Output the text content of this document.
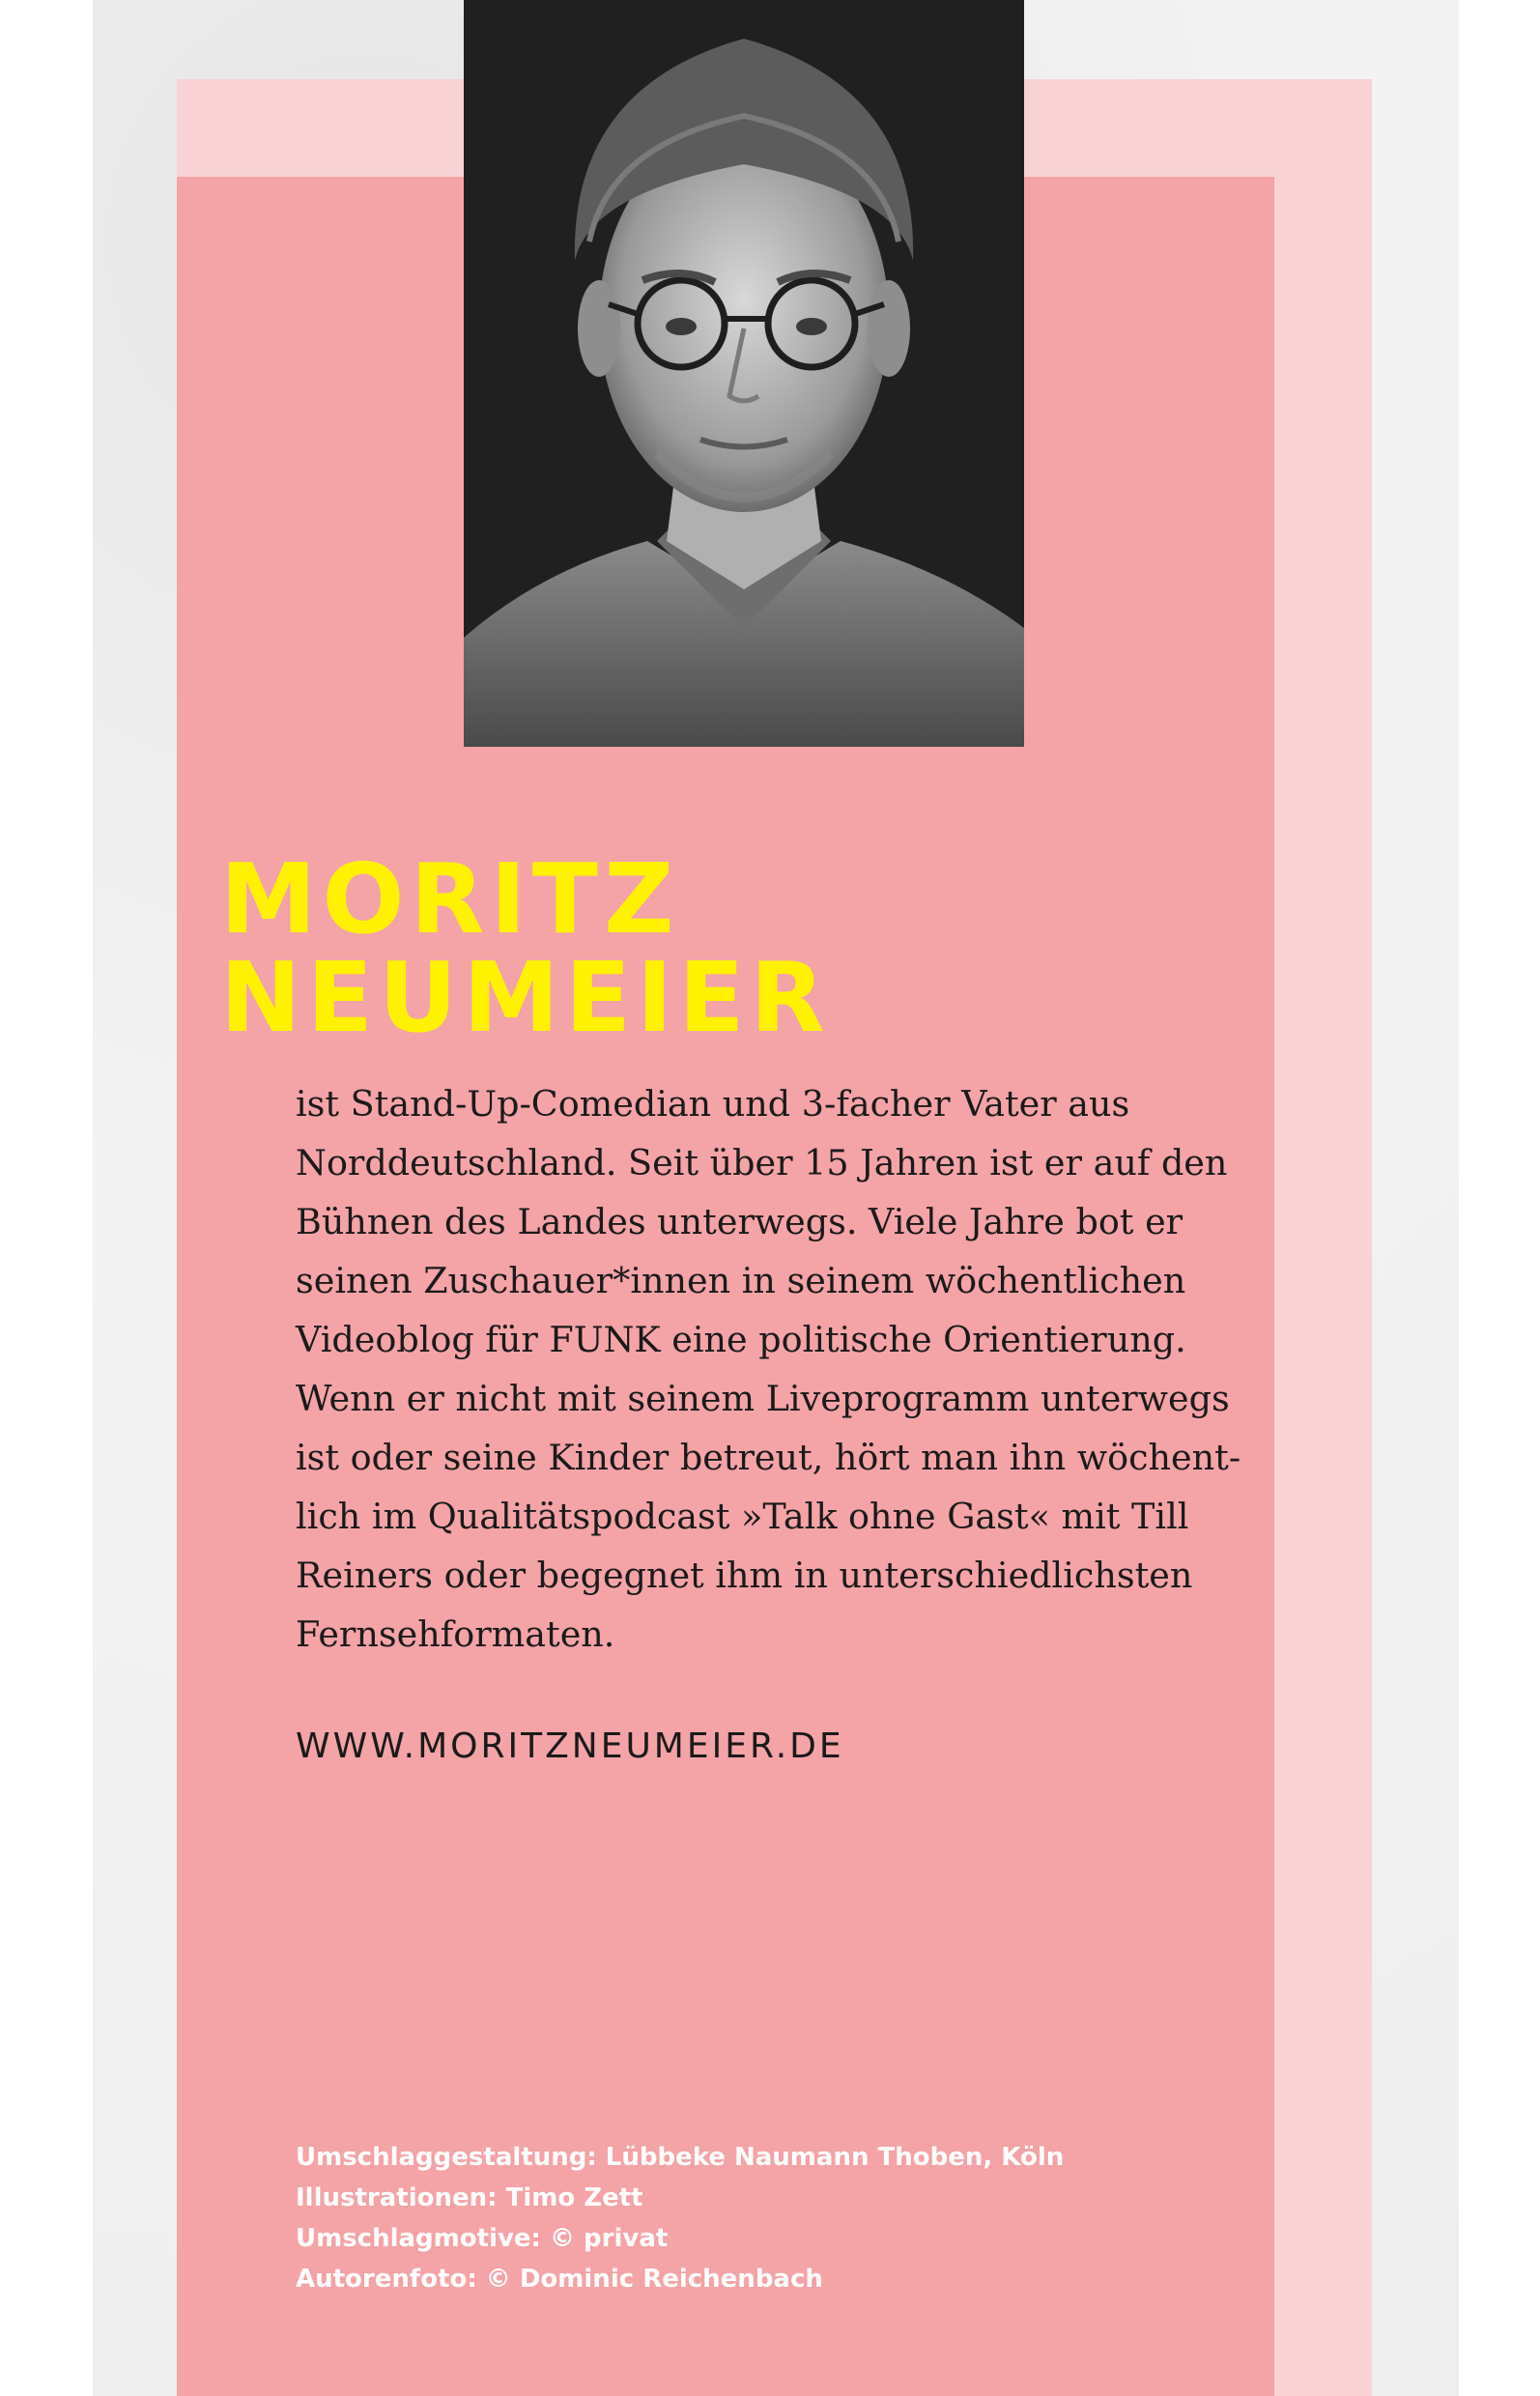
MORITZ
NEUMEIER

ist Stand-Up-Comedian und 3-facher Vater aus
Norddeutschland. Seit über 15 Jahren ist er auf den
Bühnen des Landes unterwegs. Viele Jahre bot er
seinen Zuschauer*innen in seinem wöchentlichen
Videoblog für FUNK eine politische Orientierung.
Wenn er nicht mit seinem Liveprogramm unterwegs
ist oder seine Kinder betreut, hört man ihn wöchent-
lich im Qualitätspodcast »Talk ohne Gast« mit Till
Reiners oder begegnet ihm in unterschiedlichsten
Fernsehformaten.

WWW.MORITZNEUMEIER.DE

Umschlaggestaltung: Lübbeke Naumann Thoben, Köln
Illustrationen: Timo Zett
Umschlagmotive: © privat
Autorenfoto: © Dominic Reichenbach
